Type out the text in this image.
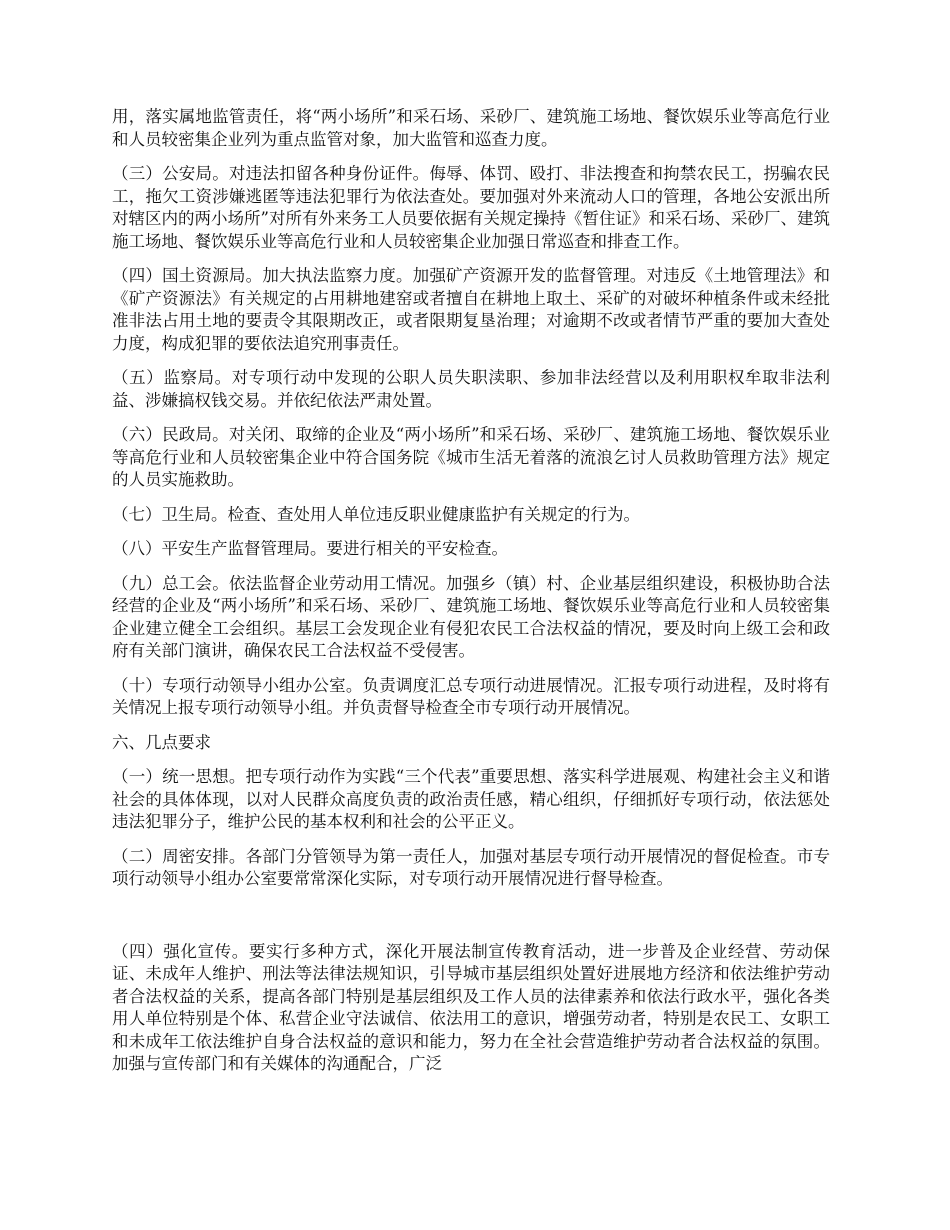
用，落实属地监管责任，将“两小场所”和采石场、采砂厂、建筑施工场地、餐饮娱乐业等高危行业和人员较密集企业列为重点监管对象，加大监管和巡查力度。

（三）公安局。对违法扣留各种身份证件。侮辱、体罚、殴打、非法搜查和拘禁农民工，拐骗农民工，拖欠工资涉嫌逃匿等违法犯罪行为依法查处。要加强对外来流动人口的管理，各地公安派出所对辖区内的两小场所”对所有外来务工人员要依据有关规定操持《暂住证》和采石场、采砂厂、建筑施工场地、餐饮娱乐业等高危行业和人员较密集企业加强日常巡查和排查工作。

（四）国土资源局。加大执法监察力度。加强矿产资源开发的监督管理。对违反《土地管理法》和《矿产资源法》有关规定的占用耕地建窑或者擅自在耕地上取土、采矿的对破坏种植条件或未经批准非法占用土地的要责令其限期改正，或者限期复垦治理；对逾期不改或者情节严重的要加大查处力度，构成犯罪的要依法追究刑事责任。

（五）监察局。对专项行动中发现的公职人员失职渎职、参加非法经营以及利用职权牟取非法利益、涉嫌搞权钱交易。并依纪依法严肃处置。

（六）民政局。对关闭、取缔的企业及“两小场所”和采石场、采砂厂、建筑施工场地、餐饮娱乐业等高危行业和人员较密集企业中符合国务院《城市生活无着落的流浪乞讨人员救助管理方法》规定的人员实施救助。

（七）卫生局。检查、查处用人单位违反职业健康监护有关规定的行为。

（八）平安生产监督管理局。要进行相关的平安检查。

（九）总工会。依法监督企业劳动用工情况。加强乡（镇）村、企业基层组织建设，积极协助合法经营的企业及“两小场所”和采石场、采砂厂、建筑施工场地、餐饮娱乐业等高危行业和人员较密集企业建立健全工会组织。基层工会发现企业有侵犯农民工合法权益的情况，要及时向上级工会和政府有关部门演讲，确保农民工合法权益不受侵害。

（十）专项行动领导小组办公室。负责调度汇总专项行动进展情况。汇报专项行动进程，及时将有关情况上报专项行动领导小组。并负责督导检查全市专项行动开展情况。

六、几点要求

（一）统一思想。把专项行动作为实践“三个代表”重要思想、落实科学进展观、构建社会主义和谐社会的具体体现，以对人民群众高度负责的政治责任感，精心组织，仔细抓好专项行动，依法惩处违法犯罪分子，维护公民的基本权利和社会的公平正义。

（二）周密安排。各部门分管领导为第一责任人，加强对基层专项行动开展情况的督促检查。市专项行动领导小组办公室要常常深化实际，对专项行动开展情况进行督导检查。

（四）强化宣传。要实行多种方式，深化开展法制宣传教育活动，进一步普及企业经营、劳动保证、未成年人维护、刑法等法律法规知识，引导城市基层组织处置好进展地方经济和依法维护劳动者合法权益的关系，提高各部门特别是基层组织及工作人员的法律素养和依法行政水平，强化各类用人单位特别是个体、私营企业守法诚信、依法用工的意识，增强劳动者，特别是农民工、女职工和未成年工依法维护自身合法权益的意识和能力，努力在全社会营造维护劳动者合法权益的氛围。加强与宣传部门和有关媒体的沟通配合，广泛
